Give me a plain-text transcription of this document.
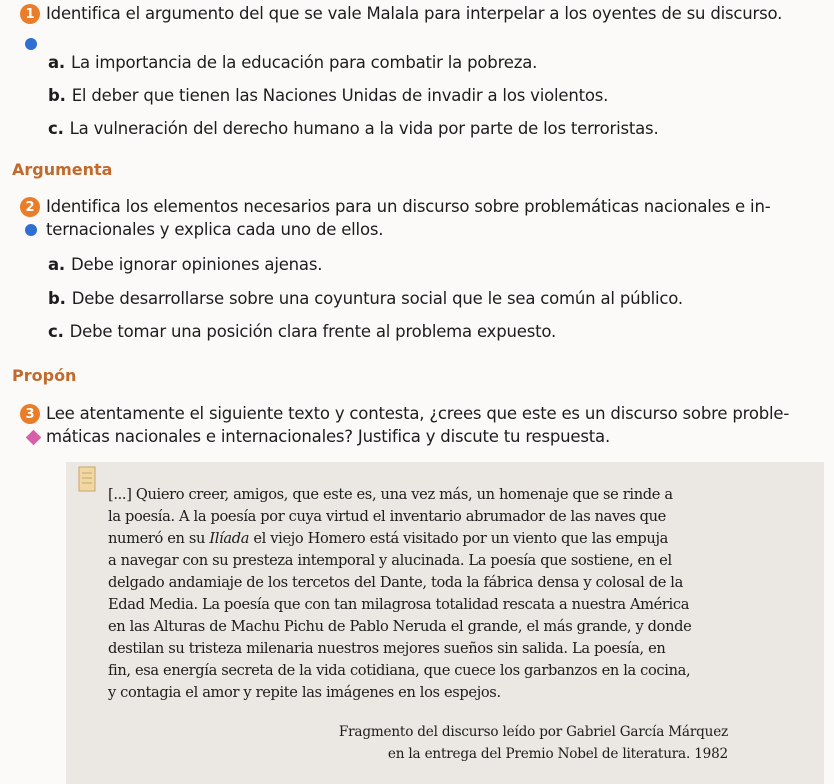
1 Identifica el argumento del que se vale Malala para interpelar a los oyentes de su discurso.
a. La importancia de la educación para combatir la pobreza.
b. El deber que tienen las Naciones Unidas de invadir a los violentos.
c. La vulneración del derecho humano a la vida por parte de los terroristas.
Argumenta
2 Identifica los elementos necesarios para un discurso sobre problemáticas nacionales e in-
ternacionales y explica cada uno de ellos.
a. Debe ignorar opiniones ajenas.
b. Debe desarrollarse sobre una coyuntura social que le sea común al público.
c. Debe tomar una posición clara frente al problema expuesto.
Propón
3 Lee atentamente el siguiente texto y contesta, ¿crees que este es un discurso sobre proble-
máticas nacionales e internacionales? Justifica y discute tu respuesta.
[...] Quiero creer, amigos, que este es, una vez más, un homenaje que se rinde a
la poesía. A la poesía por cuya virtud el inventario abrumador de las naves que
numeró en su Ilíada el viejo Homero está visitado por un viento que las empuja
a navegar con su presteza intemporal y alucinada. La poesía que sostiene, en el
delgado andamiaje de los tercetos del Dante, toda la fábrica densa y colosal de la
Edad Media. La poesía que con tan milagrosa totalidad rescata a nuestra América
en las Alturas de Machu Pichu de Pablo Neruda el grande, el más grande, y donde
destilan su tristeza milenaria nuestros mejores sueños sin salida. La poesía, en
fin, esa energía secreta de la vida cotidiana, que cuece los garbanzos en la cocina,
y contagia el amor y repite las imágenes en los espejos.
Fragmento del discurso leído por Gabriel García Márquez
en la entrega del Premio Nobel de literatura. 1982
